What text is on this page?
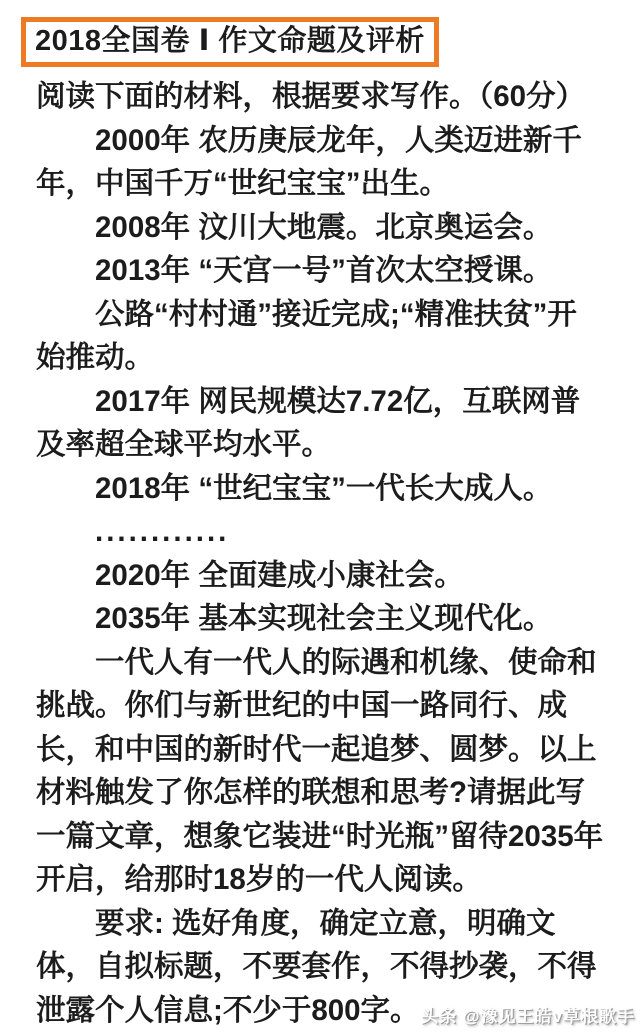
2018全国卷 Ⅰ 作文命题及评析

阅读下面的材料，根据要求写作。（60分）

2000年 农历庚辰龙年，人类迈进新千年，中国千万“世纪宝宝”出生。

2008年 汶川大地震。北京奥运会。

2013年 “天宫一号”首次太空授课。

公路“村村通”接近完成;“精准扶贫”开始推动。

2017年 网民规模达7.72亿，互联网普及率超全球平均水平。

2018年 “世纪宝宝”一代长大成人。

............

2020年 全面建成小康社会。

2035年 基本实现社会主义现代化。

一代人有一代人的际遇和机缘、使命和挑战。你们与新世纪的中国一路同行、成长，和中国的新时代一起追梦、圆梦。以上材料触发了你怎样的联想和思考?请据此写一篇文章，想象它装进“时光瓶”留待2035年开启，给那时18岁的一代人阅读。

要求: 选好角度，确定立意，明确文体，自拟标题，不要套作，不得抄袭，不得泄露个人信息;不少于800字。 头条 @豫见王皓v草根歌手
